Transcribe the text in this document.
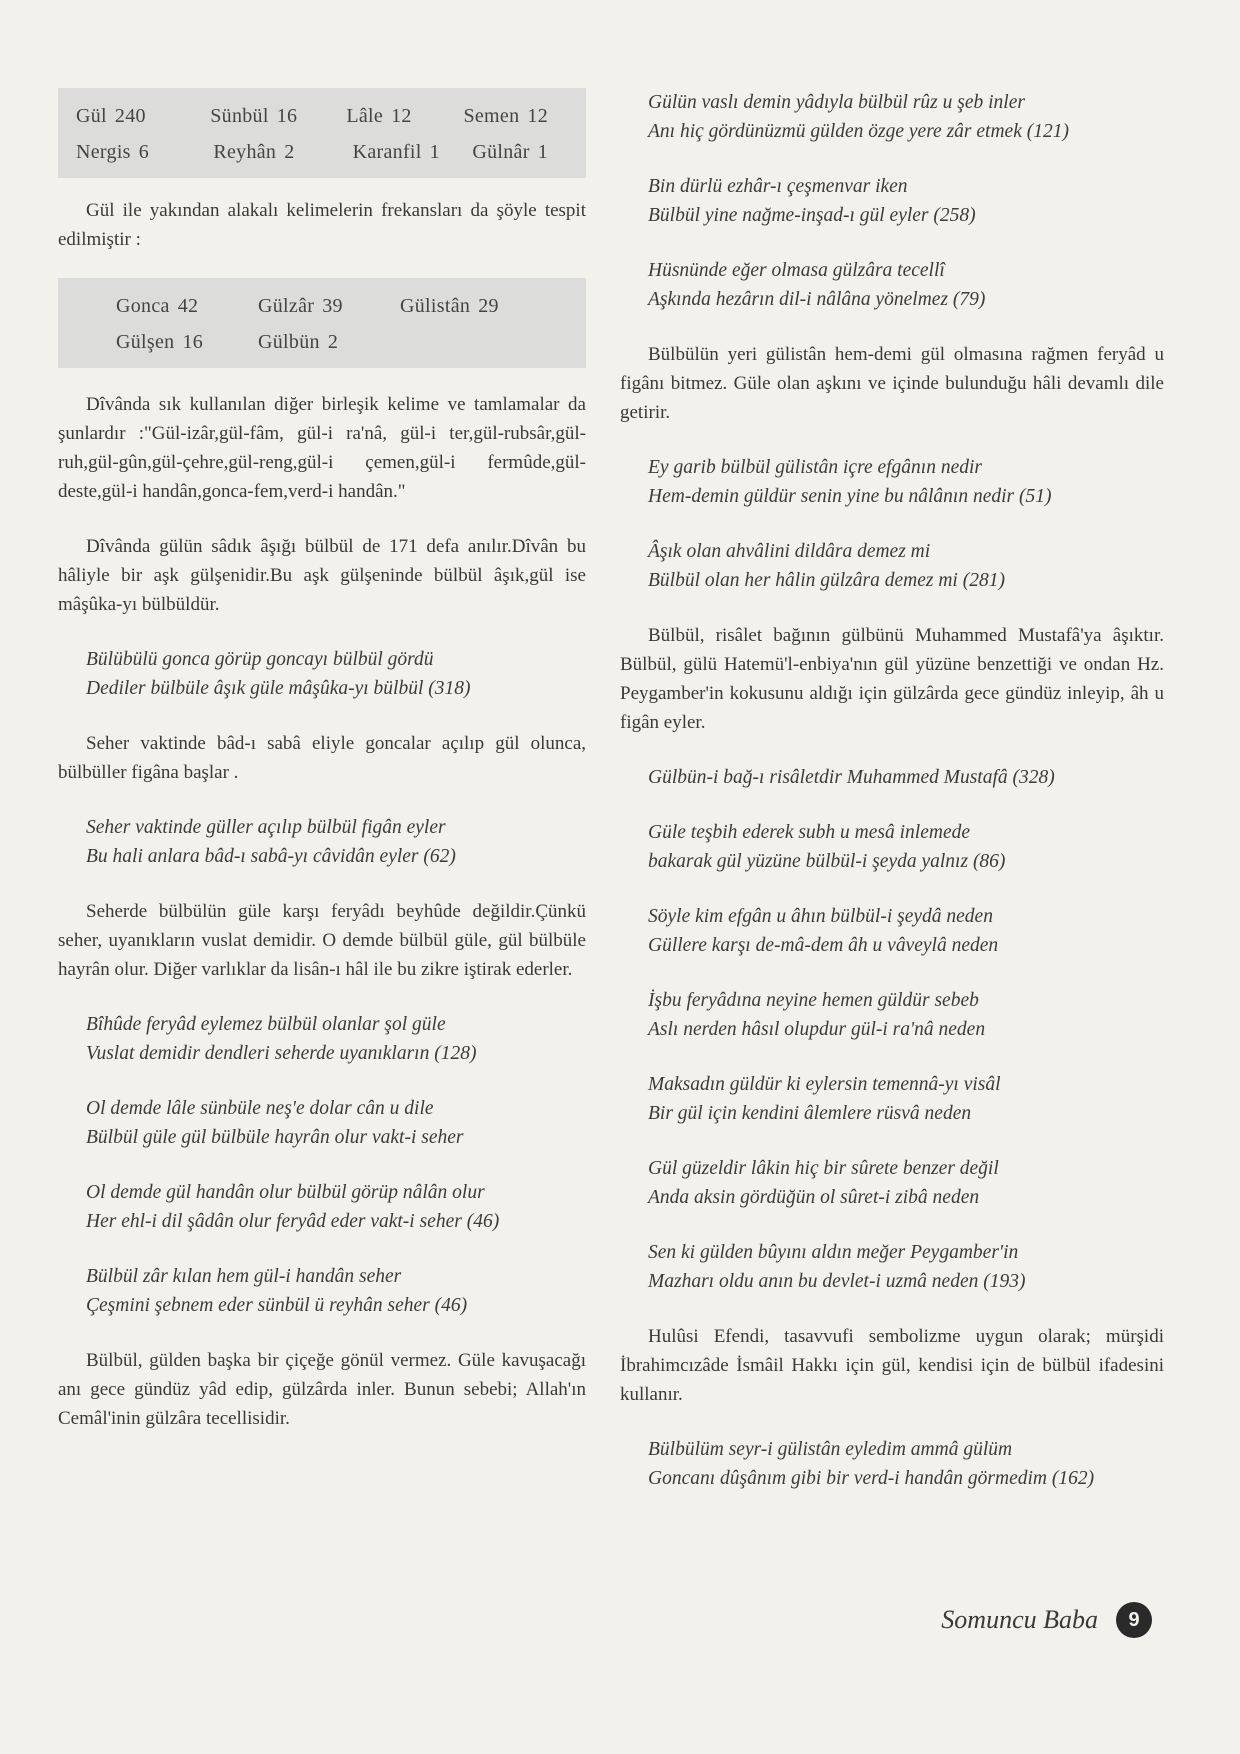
Gül 240	Sünbül 16 Lâle 12	Semen 12
Nergis 6	Reyhân 2	Karanfil 1 Gülnâr 1

Gül ile yakından alakalı kelimelerin frekansları da şöyle tespit edilmiştir :

Gonca 42	Gülzâr 39	Gülistân 29
Gülşen 16	Gülbün 2

Dîvânda sık kullanılan diğer birleşik kelime ve tamlamalar da şunlardır :"Gül-izâr,gül-fâm, gül-i ra'nâ, gül-i ter,gül-rubsâr,gül-ruh,gül-gûn,gül-çehre,gül-reng,gül-i çemen,gül-i fermûde,gül-deste,gül-i handân,gonca-fem,verd-i handân."

Dîvânda gülün sâdık âşığı bülbül de 171 defa anılır.Dîvân bu hâliyle bir aşk gülşenidir.Bu aşk gülşeninde bülbül âşık,gül ise mâşûka-yı bülbüldür.

Bülübülü gonca görüp goncayı bülbül gördü
Dediler bülbüle âşık güle mâşûka-yı bülbül (318)

Seher vaktinde bâd-ı sabâ eliyle goncalar açılıp gül olunca, bülbüller figâna başlar .

Seher vaktinde güller açılıp bülbül figân eyler
Bu hali anlara bâd-ı sabâ-yı câvidân eyler (62)

Seherde bülbülün güle karşı feryâdı beyhûde değildir.Çünkü seher, uyanıkların vuslat demidir. O demde bülbül güle, gül bülbüle hayrân olur. Diğer varlıklar da lisân-ı hâl ile bu zikre iştirak ederler.

Bîhûde feryâd eylemez bülbül olanlar şol güle
Vuslat demidir dendleri seherde uyanıkların (128)
Ol demde lâle sünbüle neş'e dolar cân u dile
Bülbül güle gül bülbüle hayrân olur vakt-i seher
Ol demde gül handân olur bülbül görüp nâlân olur
Her ehl-i dil şâdân olur feryâd eder vakt-i seher (46)
Bülbül zâr kılan hem gül-i handân seher
Çeşmini şebnem eder sünbül ü reyhân seher (46)

Bülbül, gülden başka bir çiçeğe gönül vermez. Güle kavuşacağı anı gece gündüz yâd edip, gülzârda inler. Bunun sebebi; Allah'ın Cemâl'inin gülzâra tecellisidir.

Gülün vaslı demin yâdıyla bülbül rûz u şeb inler
Anı hiç gördünüzmü gülden özge yere zâr etmek (121)
Bin dürlü ezhâr-ı çeşmenvar iken
Bülbül yine nağme-inşad-ı gül eyler (258)
Hüsnünde eğer olmasa gülzâra tecellî
Aşkında hezârın dil-i nâlâna yönelmez (79)

Bülbülün yeri gülistân hem-demi gül olmasına rağmen feryâd u figânı bitmez. Güle olan aşkını ve içinde bulunduğu hâli devamlı dile getirir.

Ey garib bülbül gülistân içre efgânın nedir
Hem-demin güldür senin yine bu nâlânın nedir (51)
Âşık olan ahvâlini dildâra demez mi
Bülbül olan her hâlin gülzâra demez mi (281)

Bülbül, risâlet bağının gülbünü Muhammed Mustafâ'ya âşıktır. Bülbül, gülü Hatemü'l-enbiya'nın gül yüzüne benzettiği ve ondan Hz. Peygamber'in kokusunu aldığı için gülzârda gece gündüz inleyip, âh u figân eyler.

Gülbün-i bağ-ı risâletdir Muhammed Mustafâ (328)
Güle teşbih ederek subh u mesâ inlemede
bakarak gül yüzüne bülbül-i şeyda yalnız (86)
Söyle kim efgân u âhın bülbül-i şeydâ neden
Güllere karşı de-mâ-dem âh u vâveylâ neden
İşbu feryâdına neyine hemen güldür sebeb
Aslı nerden hâsıl olupdur gül-i ra'nâ neden
Maksadın güldür ki eylersin temennâ-yı visâl
Bir gül için kendini âlemlere rüsvâ neden
Gül güzeldir lâkin hiç bir sûrete benzer değil
Anda aksin gördüğün ol sûret-i zibâ neden
Sen ki gülden bûyını aldın meğer Peygamber'in
Mazharı oldu anın bu devlet-i uzmâ neden (193)

Hulûsi Efendi, tasavvufi sembolizme uygun olarak; mürşidi İbrahimcızâde İsmâil Hakkı için gül, kendisi için de bülbül ifadesini kullanır.

Bülbülüm seyr-i gülistân eyledim ammâ gülüm
Goncanı dûşânım gibi bir verd-i handân görmedim (162)
Somuncu Baba	9
